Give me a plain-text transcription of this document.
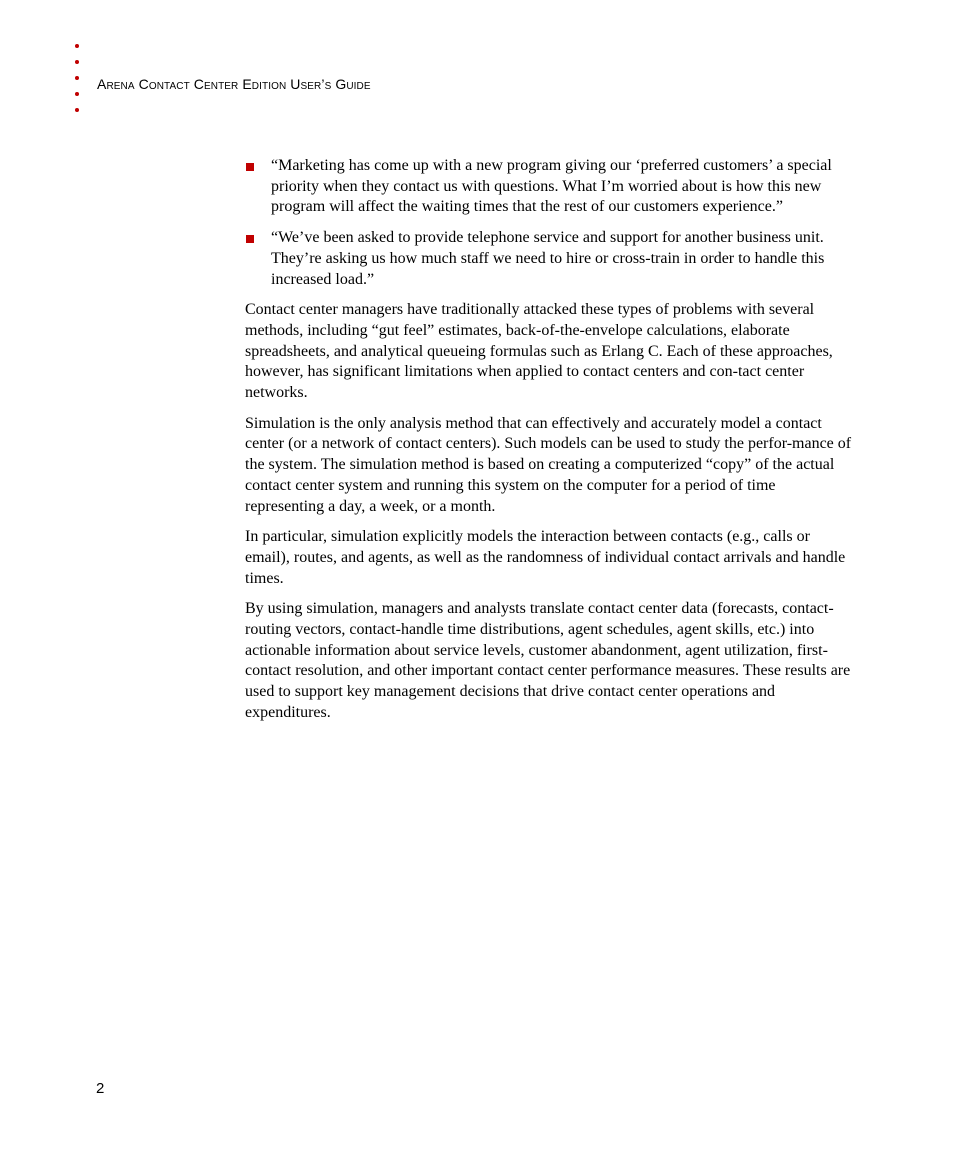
Arena Contact Center Edition User’s Guide
“Marketing has come up with a new program giving our ‘preferred customers’ a special priority when they contact us with questions. What I’m worried about is how this new program will affect the waiting times that the rest of our customers experience.”
“We’ve been asked to provide telephone service and support for another business unit. They’re asking us how much staff we need to hire or cross-train in order to handle this increased load.”

Contact center managers have traditionally attacked these types of problems with several methods, including “gut feel” estimates, back-of-the-envelope calculations, elaborate spreadsheets, and analytical queueing formulas such as Erlang C. Each of these approaches, however, has significant limitations when applied to contact centers and con-tact center networks.

Simulation is the only analysis method that can effectively and accurately model a contact center (or a network of contact centers). Such models can be used to study the perfor-mance of the system. The simulation method is based on creating a computerized “copy” of the actual contact center system and running this system on the computer for a period of time representing a day, a week, or a month.

In particular, simulation explicitly models the interaction between contacts (e.g., calls or email), routes, and agents, as well as the randomness of individual contact arrivals and handle times.

By using simulation, managers and analysts translate contact center data (forecasts, contact-routing vectors, contact-handle time distributions, agent schedules, agent skills, etc.) into actionable information about service levels, customer abandonment, agent utilization, first-contact resolution, and other important contact center performance measures. These results are used to support key management decisions that drive contact center operations and expenditures.

2
